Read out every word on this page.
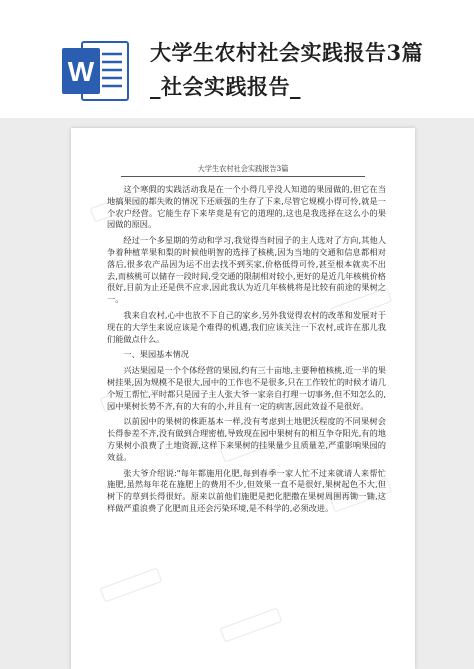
W
大学生农村社会实践报告3篇
_社会实践报告_
大学生农村社会实践报告3篇

这个寒假的实践活动我是在一个小得几乎没人知道的果园做的,但它在当地搞果园的都失败的情况下还顽强的生存了下来,尽管它规模小得可怜,就是一个农户经营。它能生存下来毕竟是有它的道理的,这也是我选择在这么小的果园做的原因。

经过一个多星期的劳动和学习,我觉得当时园子的主人选对了方向,其他人争着种植苹果和梨的时候他明智的选择了核桃,因为当地的交通和信息都相对落后,很多农产品因为运不出去找不到买家,价格低得可怜,甚至根本就卖不出去,而核桃可以储存一段时间,受交通的限制相对较小,更好的是近几年核桃价格很好,目前为止还是供不应求,因此我认为近几年核桃将是比较有前途的果树之一。

我来自农村,心中也放不下自己的家乡,另外我觉得农村的改革和发展对于现在的大学生来说应该是个难得的机遇,我们应该关注一下农村,或许在那儿我们能做点什么。

一、果园基本情况

兴达果园是一个个体经营的果园,约有三十亩地,主要种植核桃,近一半的果树挂果,因为规模不是很大,园中的工作也不是很多,只在工作较忙的时候才请几个短工帮忙,平时都只是园子主人张大爷一家亲自打理一切事务,但不知怎么的,园中果树长势不齐,有的大有的小,并且有一定的病害,因此效益不是很好。

以前园中的果树的株距基本一样,没有考虑到土地肥沃程度的不同果树会长得参差不齐,没有做到合理密植,导致现在园中果树有的相互争夺阳光,有的地方果树小浪费了土地资源,这样下来果树的挂果量少且质量差,严重影响果园的效益。

张大爷介绍说:"每年都施用化肥,每到春季一家人忙不过来就请人来帮忙施肥,虽然每年花在施肥上的费用不少,但效果一直不是很好,果树起色不大,但树下的草到长得很好。原来以前他们施肥是把化肥撒在果树周围再锄一锄,这样做严重浪费了化肥而且还会污染环境,是不科学的,必须改进。
